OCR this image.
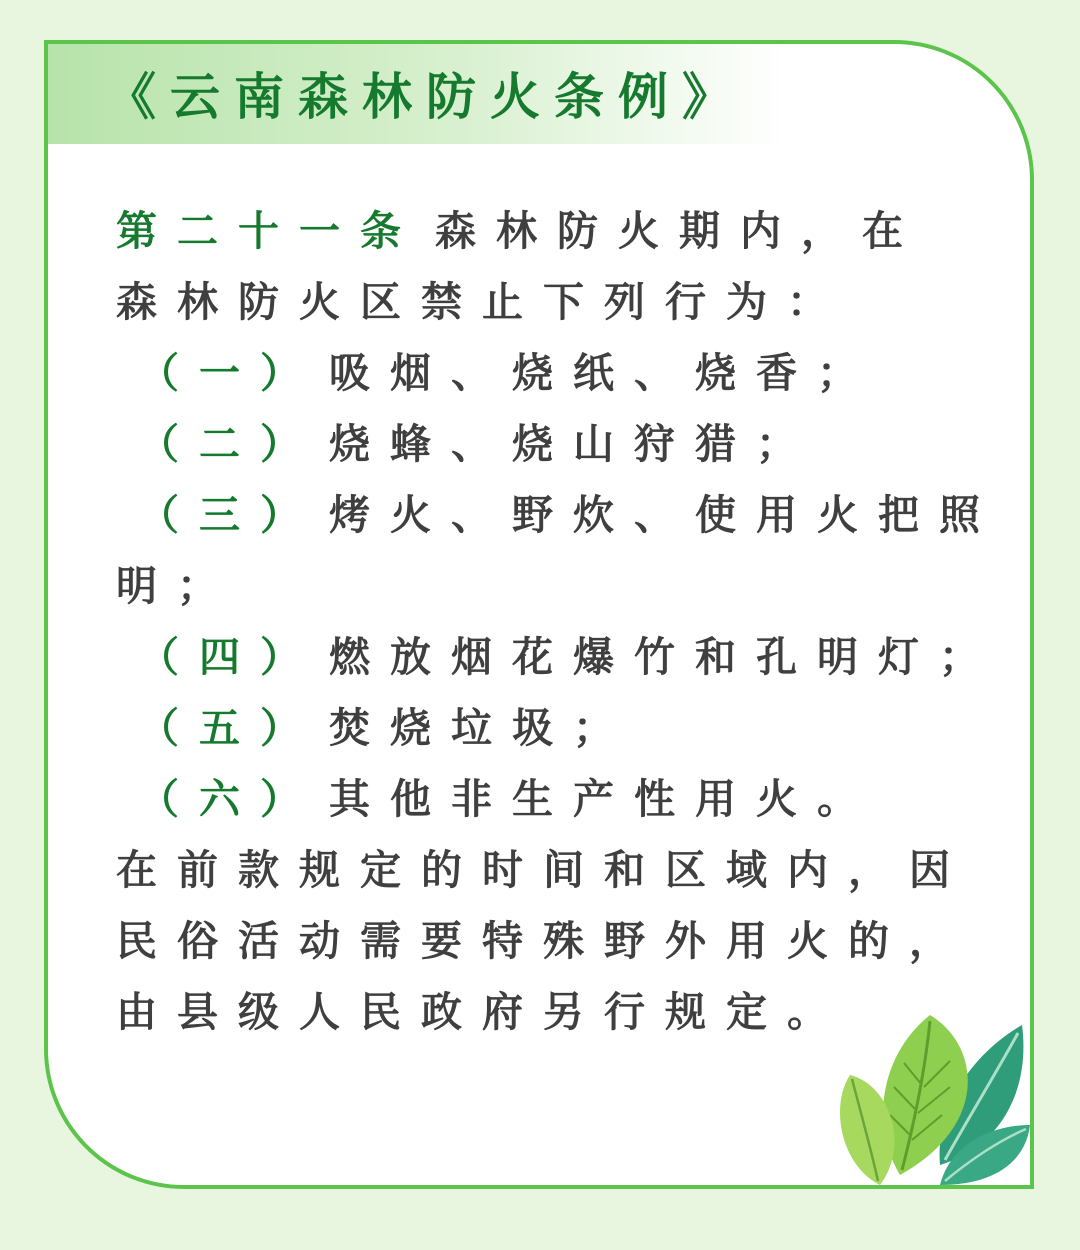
《云南森林防火条例》
第二十一条 森林防火期内，在
森林防火区禁止下列行为：
（一） 吸烟、烧纸、烧香；
（二） 烧蜂、烧山狩猎；
（三） 烤火、野炊、使用火把照
明；
（四） 燃放烟花爆竹和孔明灯；
（五） 焚烧垃圾；
（六） 其他非生产性用火。
在前款规定的时间和区域内，因
民俗活动需要特殊野外用火的，
由县级人民政府另行规定。
